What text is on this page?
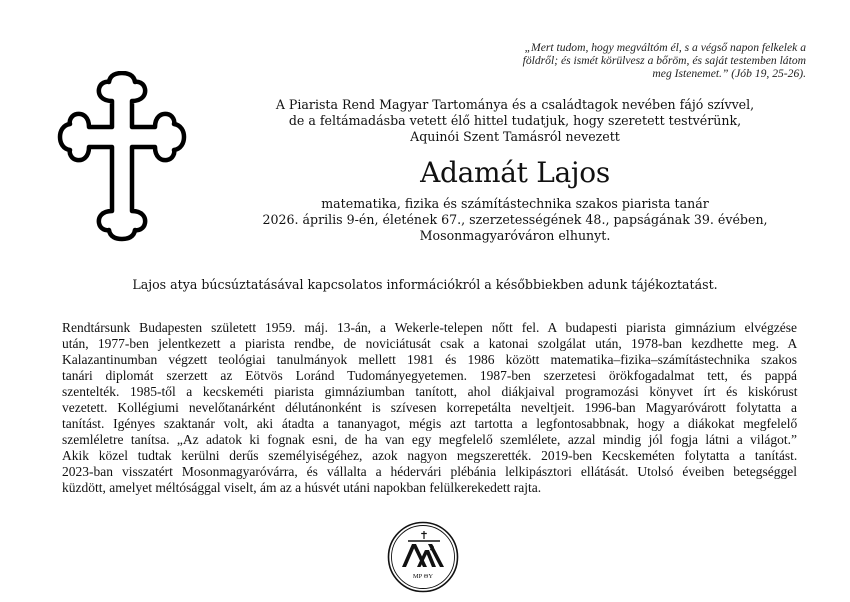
„Mert tudom, hogy megváltóm él, s a végső napon felkelek a
földről; és ismét körülvesz a bőröm, és saját testemben látom
meg Istenemet.” (Jób 19, 25-26).
A Piarista Rend Magyar Tartománya és a családtagok nevében fájó szívvel,
de a feltámadásba vetett élő hittel tudatjuk, hogy szeretett testvérünk,
Aquinói Szent Tamásról nevezett
Adamát Lajos
matematika, fizika és számítástechnika szakos piarista tanár
2026. április 9-én, életének 67., szerzetességének 48., papságának 39. évében,
Mosonmagyaróváron elhunyt.
Lajos atya búcsúztatásával kapcsolatos információkról a későbbiekben adunk tájékoztatást.
Rendtársunk Budapesten született 1959. máj. 13-án, a Wekerle-telepen nőtt fel. A budapesti piarista gimnázium elvégzése
után, 1977-ben jelentkezett a piarista rendbe, de noviciátusát csak a katonai szolgálat után, 1978-ban kezdhette meg. A
Kalazantinumban végzett teológiai tanulmányok mellett 1981 és 1986 között matematika–fizika–számítástechnika szakos
tanári diplomát szerzett az Eötvös Loránd Tudományegyetemen. 1987-ben szerzetesi örökfogadalmat tett, és pappá
szentelték. 1985-től a kecskeméti piarista gimnáziumban tanított, ahol diákjaival programozási könyvet írt és kiskórust
vezetett. Kollégiumi nevelőtanárként délutánonként is szívesen korrepetálta neveltjeit. 1996-ban Magyaróvárott folytatta a
tanítást. Igényes szaktanár volt, aki átadta a tananyagot, mégis azt tartotta a legfontosabbnak, hogy a diákokat megfelelő
szemléletre tanítsa. „Az adatok ki fognak esni, de ha van egy megfelelő szemlélete, azzal mindig jól fogja látni a világot.”
Akik közel tudtak kerülni derűs személyiségéhez, azok nagyon megszerették. 2019-ben Kecskeméten folytatta a tanítást.
2023-ban visszatért Mosonmagyaróvárra, és vállalta a hédervári plébánia lelkipásztori ellátását. Utolsó éveiben betegséggel
küzdött, amelyet méltósággal viselt, ám az a húsvét utáni napokban felülkerekedett rajta.
MP ΘY
